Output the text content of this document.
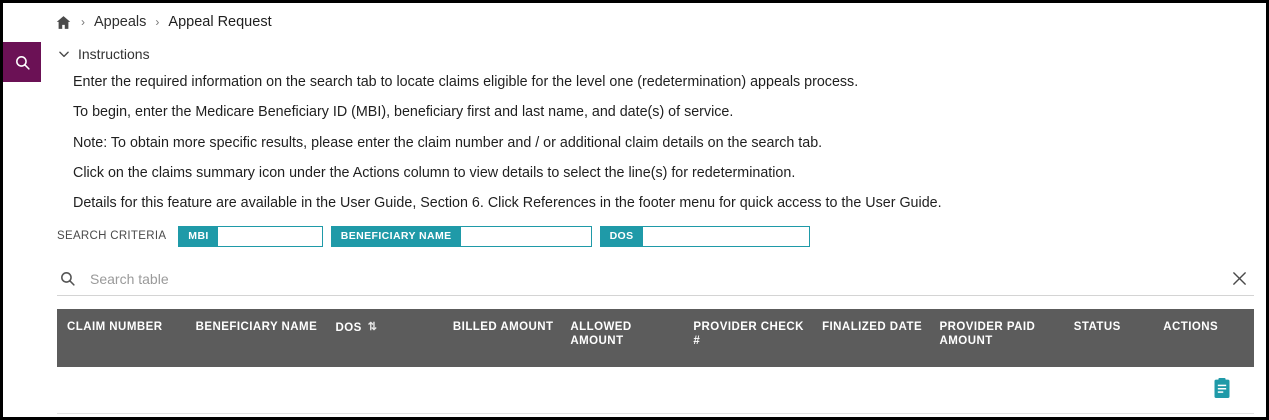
› Appeals › Appeal Request
Instructions

Enter the required information on the search tab to locate claims eligible for the level one (redetermination) appeals process.

To begin, enter the Medicare Beneficiary ID (MBI), beneficiary first and last name, and date(s) of service.

Note: To obtain more specific results, please enter the claim number and / or additional claim details on the search tab.

Click on the claims summary icon under the Actions column to view details to select the line(s) for redetermination.

Details for this feature are available in the User Guide, Section 6. Click References in the footer menu for quick access to the User Guide.

SEARCH CRITERIA	MBI	BENEFICIARY NAME	DOS
Search table
CLAIM NUMBER	BENEFICIARY NAME	DOS ⇅	BILLED AMOUNT	ALLOWED AMOUNT	PROVIDER CHECK #	FINALIZED DATE	PROVIDER PAID AMOUNT	STATUS	ACTIONS
